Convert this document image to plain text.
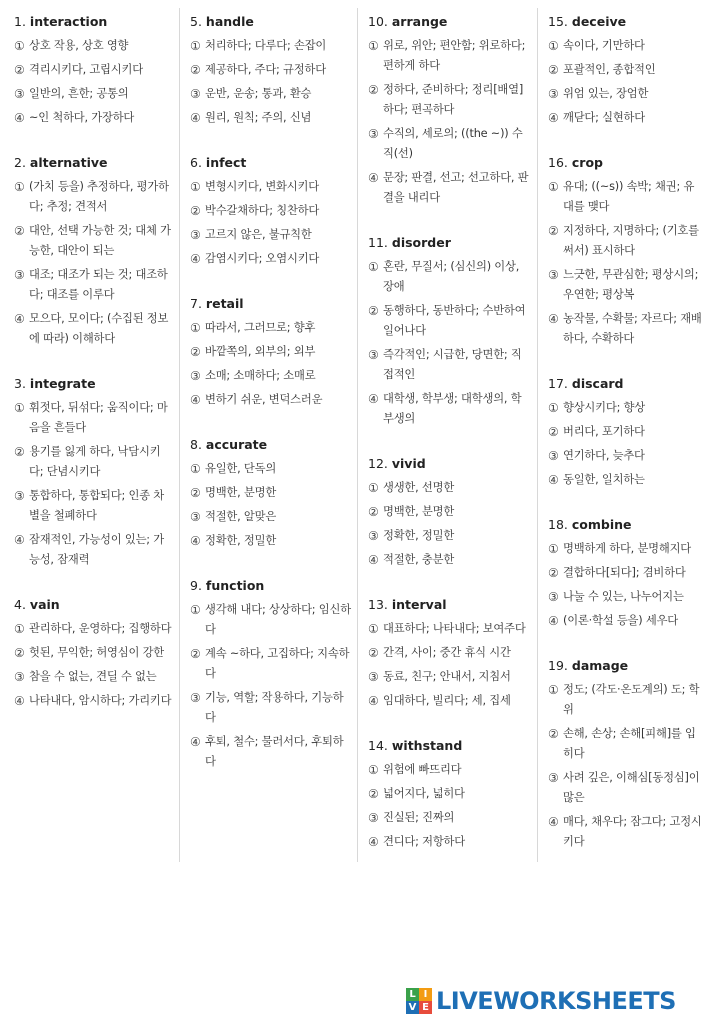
1. interaction
① 상호 작용, 상호 영향
② 격리시키다, 고립시키다
③ 일반의, 흔한; 공통의
④ ~인 척하다, 가장하다
2. alternative
① (가치 등을) 추정하다, 평가하다; 추정; 견적서
② 대안, 선택 가능한 것; 대체 가능한, 대안이 되는
③ 대조; 대조가 되는 것; 대조하다; 대조를 이루다
④ 모으다, 모이다; (수집된 정보에 따라) 이해하다
3. integrate
① 휘젓다, 뒤섞다; 움직이다; 마음을 흔들다
② 용기를 잃게 하다, 낙담시키다; 단념시키다
③ 통합하다, 통합되다; 인종 차별을 철폐하다
④ 잠재적인, 가능성이 있는; 가능성, 잠재력
4. vain
① 관리하다, 운영하다; 집행하다
② 헛된, 무익한; 허영심이 강한
③ 참을 수 없는, 견딜 수 없는
④ 나타내다, 암시하다; 가리키다
5. handle
① 처리하다; 다루다; 손잡이
② 제공하다, 주다; 규정하다
③ 운반, 운송; 통과, 환승
④ 원리, 원칙; 주의, 신념
6. infect
① 변형시키다, 변화시키다
② 박수갈채하다; 칭찬하다
③ 고르지 않은, 불규칙한
④ 감염시키다; 오염시키다
7. retail
① 따라서, 그러므로; 향후
② 바깥쪽의, 외부의; 외부
③ 소매; 소매하다; 소매로
④ 변하기 쉬운, 변덕스러운
8. accurate
① 유일한, 단독의
② 명백한, 분명한
③ 적절한, 알맞은
④ 정확한, 정밀한
9. function
① 생각해 내다; 상상하다; 임신하다
② 계속 ~하다, 고집하다; 지속하다
③ 기능, 역할; 작용하다, 기능하다
④ 후퇴, 철수; 물러서다, 후퇴하다
10. arrange
① 위로, 위안; 편안함; 위로하다; 편하게 하다
② 정하다, 준비하다; 정리[배열]하다; 편곡하다
③ 수직의, 세로의; ((the ~)) 수직(선)
④ 문장; 판결, 선고; 선고하다, 판결을 내리다
11. disorder
① 혼란, 무질서; (심신의) 이상, 장애
② 동행하다, 동반하다; 수반하여 일어나다
③ 즉각적인; 시급한, 당면한; 직접적인
④ 대학생, 학부생; 대학생의, 학부생의
12. vivid
① 생생한, 선명한
② 명백한, 분명한
③ 정확한, 정밀한
④ 적절한, 충분한
13. interval
① 대표하다; 나타내다; 보여주다
② 간격, 사이; 중간 휴식 시간
③ 동료, 친구; 안내서, 지침서
④ 임대하다, 빌리다; 세, 집세
14. withstand
① 위험에 빠뜨리다
② 넓어지다, 넓히다
③ 진실된; 진짜의
④ 견디다; 저항하다
15. deceive
① 속이다, 기만하다
② 포괄적인, 종합적인
③ 위엄 있는, 장엄한
④ 깨닫다; 실현하다
16. crop
① 유대; ((~s)) 속박; 채권; 유대를 맺다
② 지정하다, 지명하다; (기호를 써서) 표시하다
③ 느긋한, 무관심한; 평상시의; 우연한; 평상복
④ 농작물, 수확물; 자르다; 재배하다, 수확하다
17. discard
① 향상시키다; 향상
② 버리다, 포기하다
③ 연기하다, 늦추다
④ 동일한, 일치하는
18. combine
① 명백하게 하다, 분명해지다
② 결합하다[되다]; 겸비하다
③ 나눌 수 있는, 나누어지는
④ (이론·학설 등을) 세우다
19. damage
① 정도; (각도·온도계의) 도; 학위
② 손해, 손상; 손해[피해]를 입히다
③ 사려 깊은, 이해심[동정심]이 많은
④ 매다, 채우다; 잠그다; 고정시키다
L I
V E LIVEWORKSHEETS
